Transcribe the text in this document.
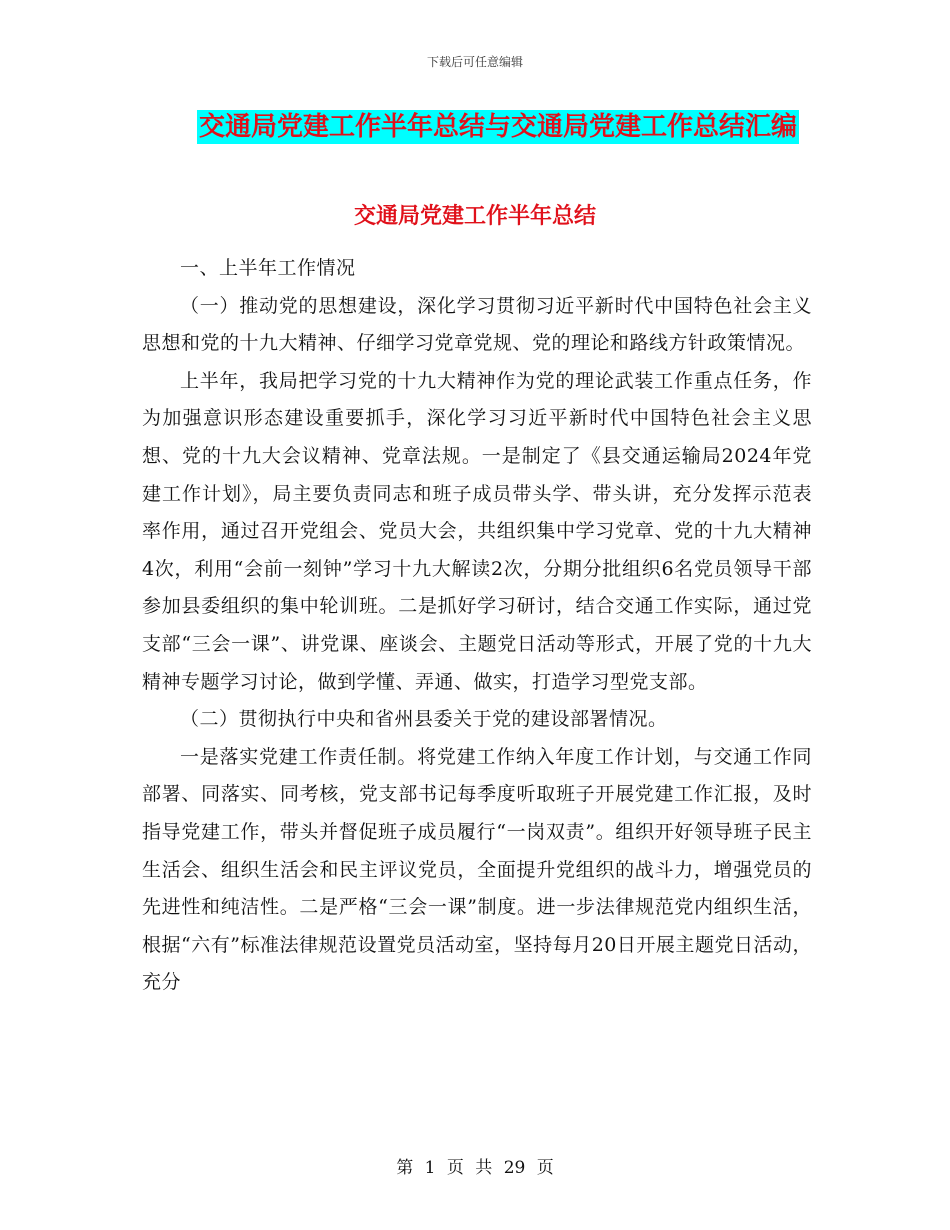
下载后可任意编辑
交通局党建工作半年总结与交通局党建工作总结汇编
交通局党建工作半年总结

一、上半年工作情况

（一）推动党的思想建设，深化学习贯彻习近平新时代中国特色社会主义思想和党的十九大精神、仔细学习党章党规、党的理论和路线方针政策情况。

上半年，我局把学习党的十九大精神作为党的理论武装工作重点任务，作为加强意识形态建设重要抓手，深化学习习近平新时代中国特色社会主义思想、党的十九大会议精神、党章法规。一是制定了《县交通运输局2024年党建工作计划》，局主要负责同志和班子成员带头学、带头讲，充分发挥示范表率作用，通过召开党组会、党员大会，共组织集中学习党章、党的十九大精神4次，利用“会前一刻钟”学习十九大解读2次，分期分批组织6名党员领导干部参加县委组织的集中轮训班。二是抓好学习研讨，结合交通工作实际，通过党支部“三会一课”、讲党课、座谈会、主题党日活动等形式，开展了党的十九大精神专题学习讨论，做到学懂、弄通、做实，打造学习型党支部。

（二）贯彻执行中央和省州县委关于党的建设部署情况。

一是落实党建工作责任制。将党建工作纳入年度工作计划，与交通工作同部署、同落实、同考核，党支部书记每季度听取班子开展党建工作汇报，及时指导党建工作，带头并督促班子成员履行“一岗双责”。组织开好领导班子民主生活会、组织生活会和民主评议党员，全面提升党组织的战斗力，增强党员的先进性和纯洁性。二是严格“三会一课”制度。进一步法律规范党内组织生活，根据“六有”标准法律规范设置党员活动室，坚持每月20日开展主题党日活动，充分

第 1 页 共 29 页
